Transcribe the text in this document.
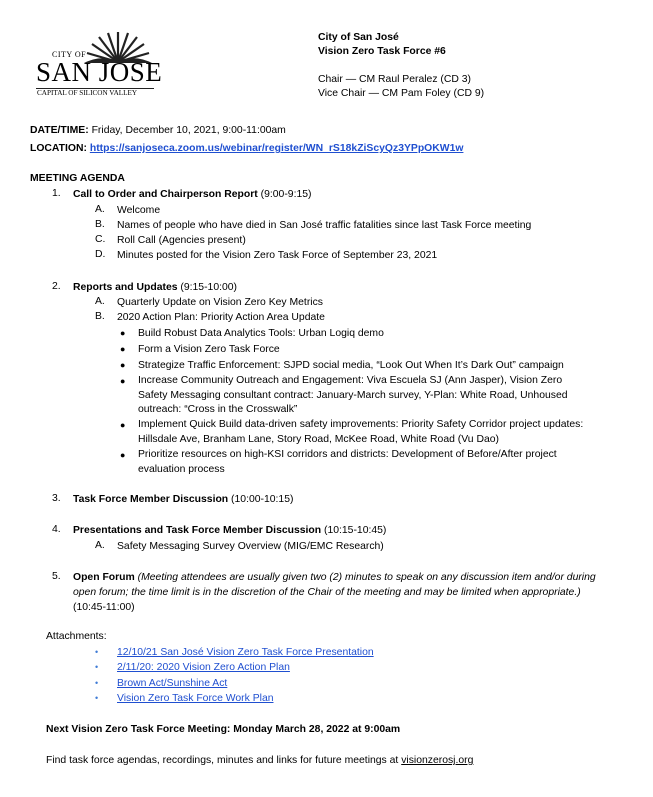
CITY OF
SAN JOSE
CAPITAL OF SILICON VALLEY
City of San José
Vision Zero Task Force #6
Chair — CM Raul Peralez (CD 3)
Vice Chair — CM Pam Foley (CD 9)
DATE/TIME: Friday, December 10, 2021, 9:00-11:00am
LOCATION: https://sanjoseca.zoom.us/webinar/register/WN_rS18kZiScyQz3YPpOKW1w
MEETING AGENDA
1. Call to Order and Chairperson Report (9:00-9:15)
A. Welcome
B. Names of people who have died in San José traffic fatalities since last Task Force meeting
C. Roll Call (Agencies present)
D. Minutes posted for the Vision Zero Task Force of September 23, 2021
2. Reports and Updates (9:15-10:00)
A. Quarterly Update on Vision Zero Key Metrics
B. 2020 Action Plan: Priority Action Area Update
● Build Robust Data Analytics Tools: Urban Logiq demo
● Form a Vision Zero Task Force
● Strategize Traffic Enforcement: SJPD social media, “Look Out When It’s Dark Out” campaign
● Increase Community Outreach and Engagement: Viva Escuela SJ (Ann Jasper), Vision Zero Safety Messaging consultant contract: January-March survey, Y-Plan: White Road, Unhoused outreach: “Cross in the Crosswalk”
● Implement Quick Build data-driven safety improvements: Priority Safety Corridor project updates: Hillsdale Ave, Branham Lane, Story Road, McKee Road, White Road (Vu Dao)
● Prioritize resources on high-KSI corridors and districts: Development of Before/After project evaluation process
3. Task Force Member Discussion (10:00-10:15)
4. Presentations and Task Force Member Discussion (10:15-10:45)
A. Safety Messaging Survey Overview (MIG/EMC Research)
5. Open Forum (Meeting attendees are usually given two (2) minutes to speak on any discussion item and/or during open forum; the time limit is in the discretion of the Chair of the meeting and may be limited when appropriate.) (10:45-11:00)
Attachments:
• 12/10/21 San José Vision Zero Task Force Presentation
• 2/11/20: 2020 Vision Zero Action Plan
• Brown Act/Sunshine Act
• Vision Zero Task Force Work Plan
Next Vision Zero Task Force Meeting: Monday March 28, 2022 at 9:00am
Find task force agendas, recordings, minutes and links for future meetings at visionzerosj.org
